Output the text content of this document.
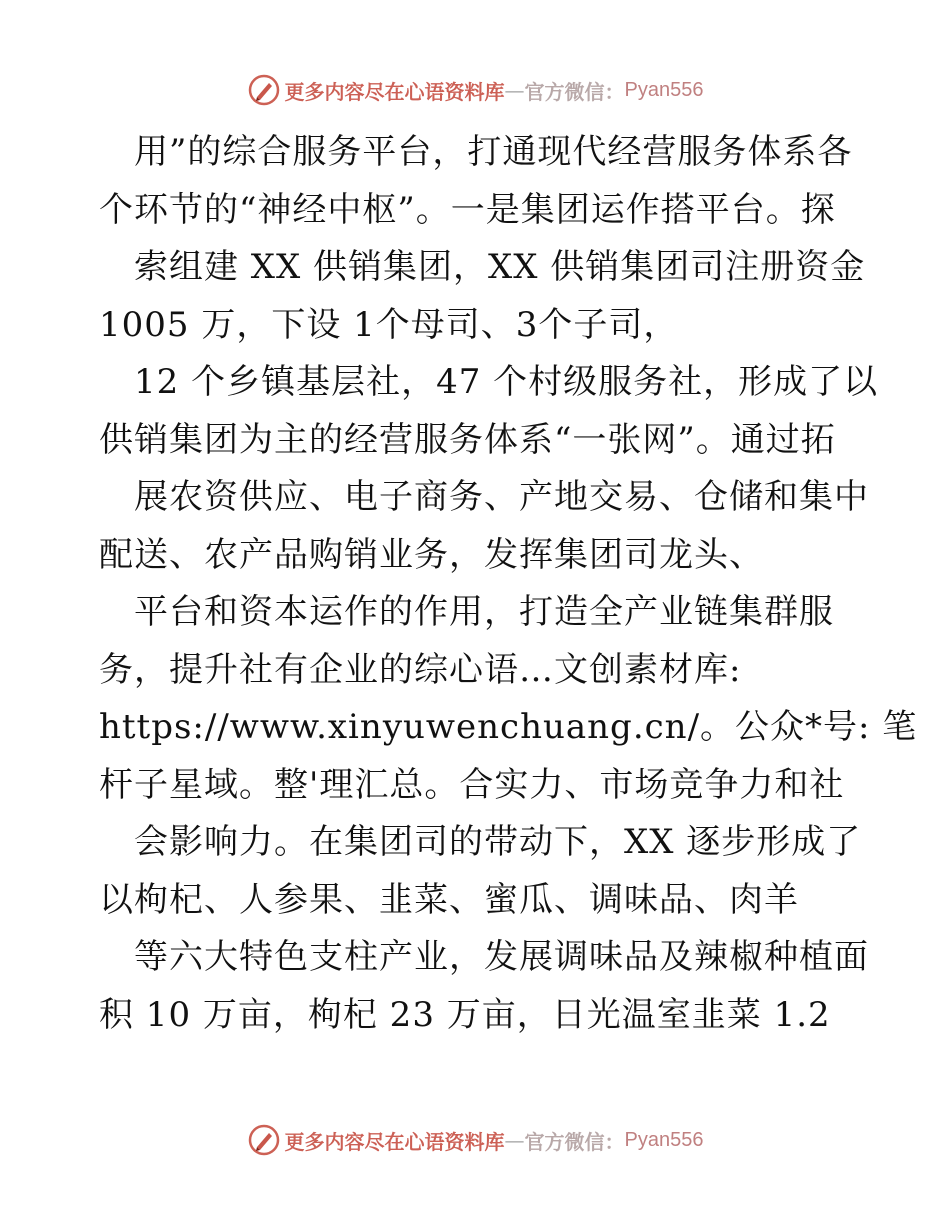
更多内容尽在心语资料库 — 官方微信： Pyan556
用”的综合服务平台，打通现代经营服务体系各
个环节的“神经中枢”。一是集团运作搭平台。探
索组建 XX 供销集团，XX 供销集团司注册资金
1005 万，下设 1个母司、3个子司，
12 个乡镇基层社，47 个村级服务社，形成了以
供销集团为主的经营服务体系“一张网”。通过拓
展农资供应、电子商务、产地交易、仓储和集中
配送、农产品购销业务，发挥集团司龙头、
平台和资本运作的作用，打造全产业链集群服
务，提升社有企业的综心语…文创素材库:
https://www.xinyuwenchuang.cn/。公众*号: 笔
杆子星域。整'理汇总。合实力、市场竞争力和社
会影响力。在集团司的带动下，XX 逐步形成了
以枸杞、人参果、韭菜、蜜瓜、调味品、肉羊
等六大特色支柱产业，发展调味品及辣椒种植面
积 10 万亩，枸杞 23 万亩，日光温室韭菜 1.2
更多内容尽在心语资料库 — 官方微信： Pyan556
